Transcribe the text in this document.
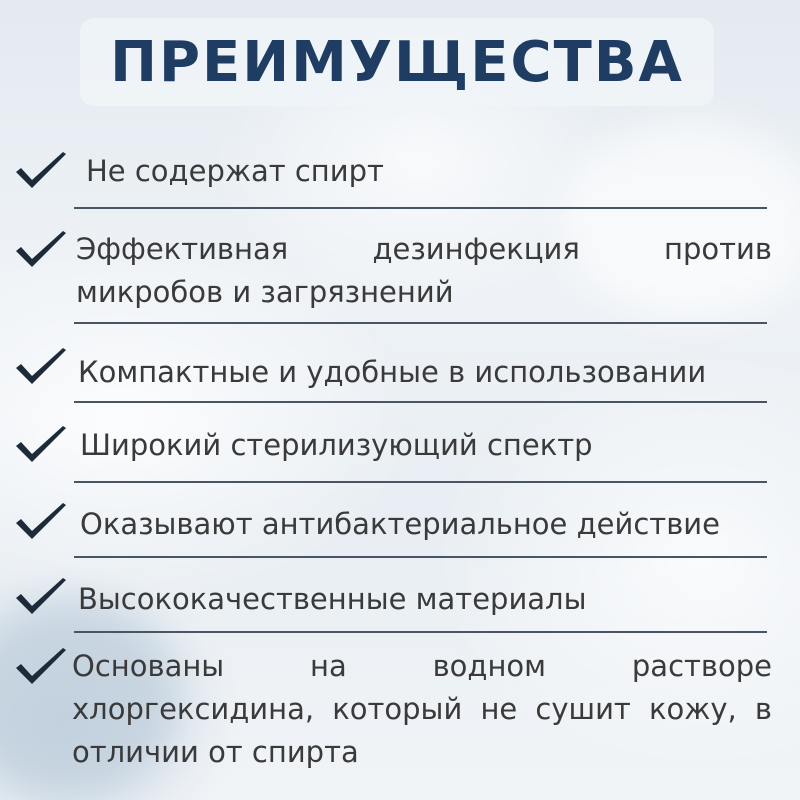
ПРЕИМУЩЕСТВА
Не содержат спирт
Эффективная дезинфекция против микробов и загрязнений
Компактные и удобные в использовании
Широкий стерилизующий спектр
Оказывают антибактериальное действие
Высококачественные материалы
Основаны на водном растворе хлоргексидина, который не сушит кожу, в отличии от спирта
